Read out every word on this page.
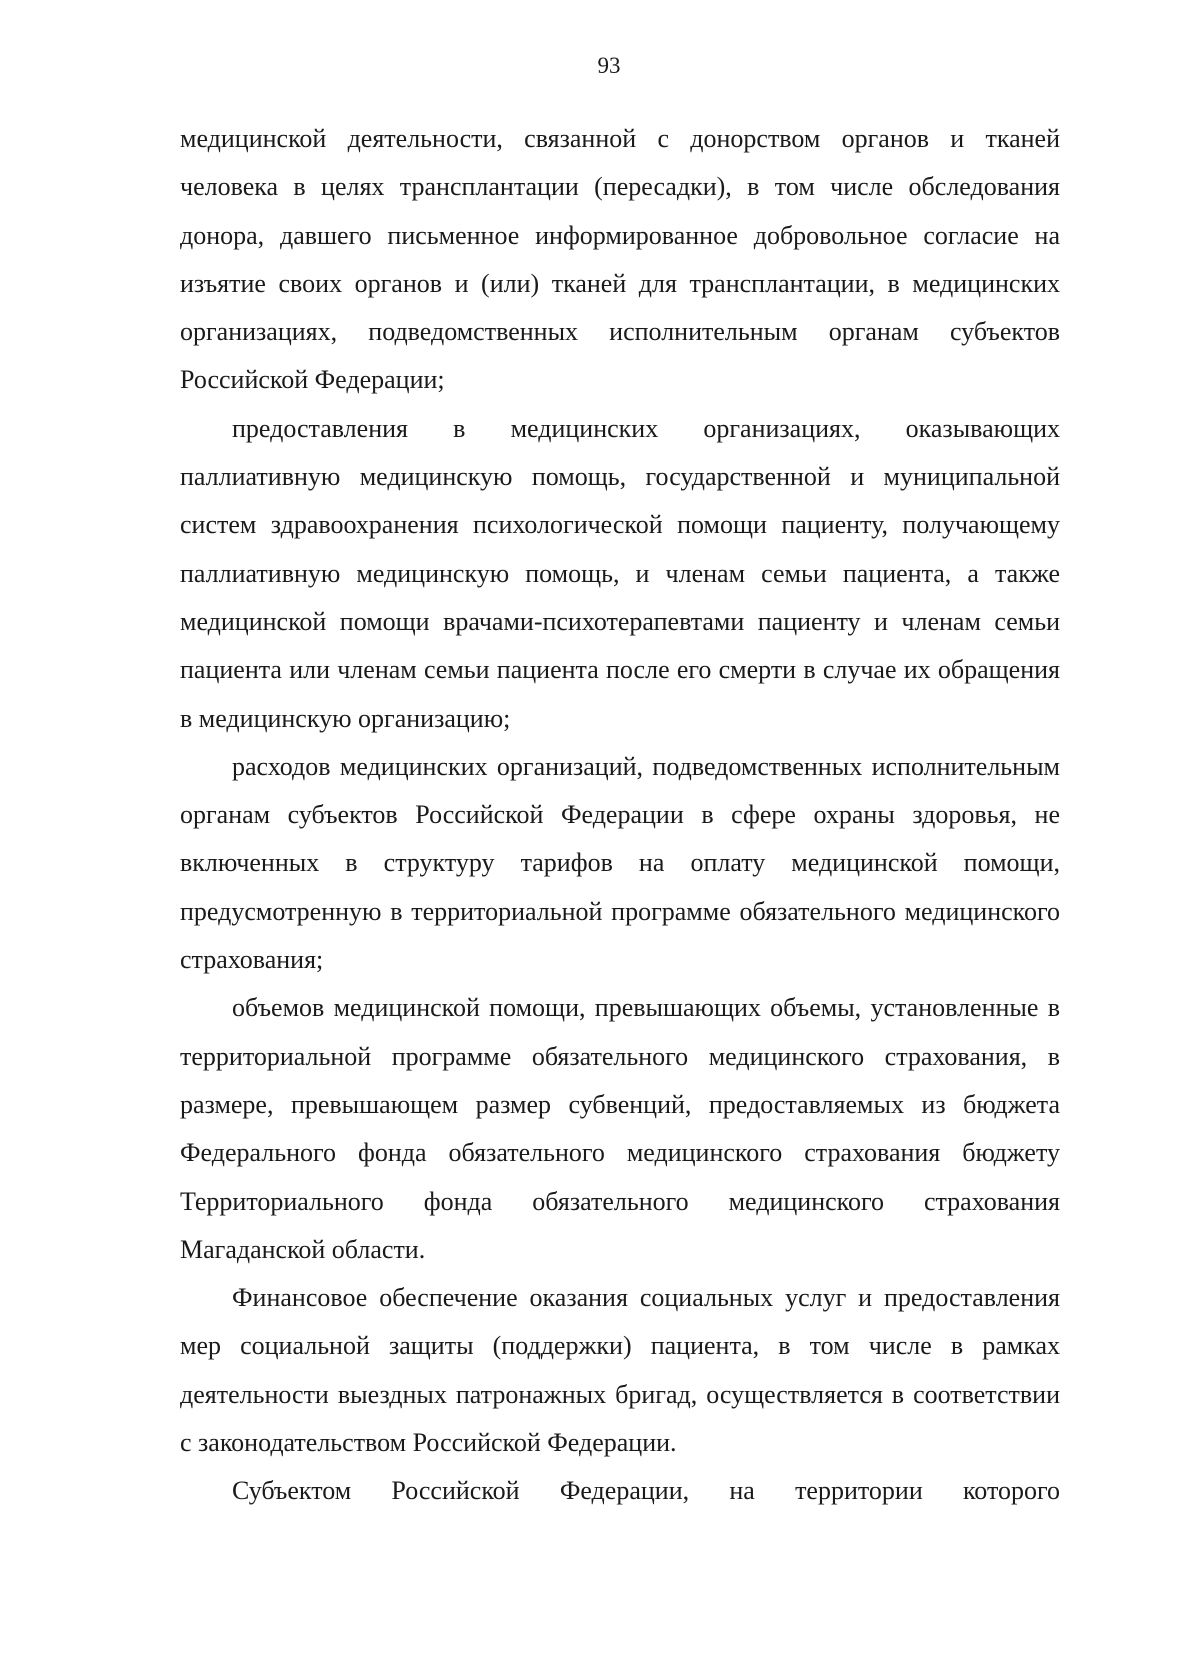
93

медицинской деятельности, связанной с донорством органов и тканей человека в целях трансплантации (пересадки), в том числе обследования донора, давшего письменное информированное добровольное согласие на изъятие своих органов и (или) тканей для трансплантации, в медицинских организациях, подведомственных исполнительным органам субъектов Российской Федерации;

предоставления в медицинских организациях, оказывающих паллиативную медицинскую помощь, государственной и муниципальной систем здравоохранения психологической помощи пациенту, получающему паллиативную медицинскую помощь, и членам семьи пациента, а также медицинской помощи врачами-психотерапевтами пациенту и членам семьи пациента или членам семьи пациента после его смерти в случае их обращения в медицинскую организацию;

расходов медицинских организаций, подведомственных исполнительным органам субъектов Российской Федерации в сфере охраны здоровья, не включенных в структуру тарифов на оплату медицинской помощи, предусмотренную в территориальной программе обязательного медицинского страхования;

объемов медицинской помощи, превышающих объемы, установленные в территориальной программе обязательного медицинского страхования, в размере, превышающем размер субвенций, предоставляемых из бюджета Федерального фонда обязательного медицинского страхования бюджету Территориального фонда обязательного медицинского страхования Магаданской области.

Финансовое обеспечение оказания социальных услуг и предоставления мер социальной защиты (поддержки) пациента, в том числе в рамках деятельности выездных патронажных бригад, осуществляется в соответствии с законодательством Российской Федерации.

Субъектом Российской Федерации, на территории которого
